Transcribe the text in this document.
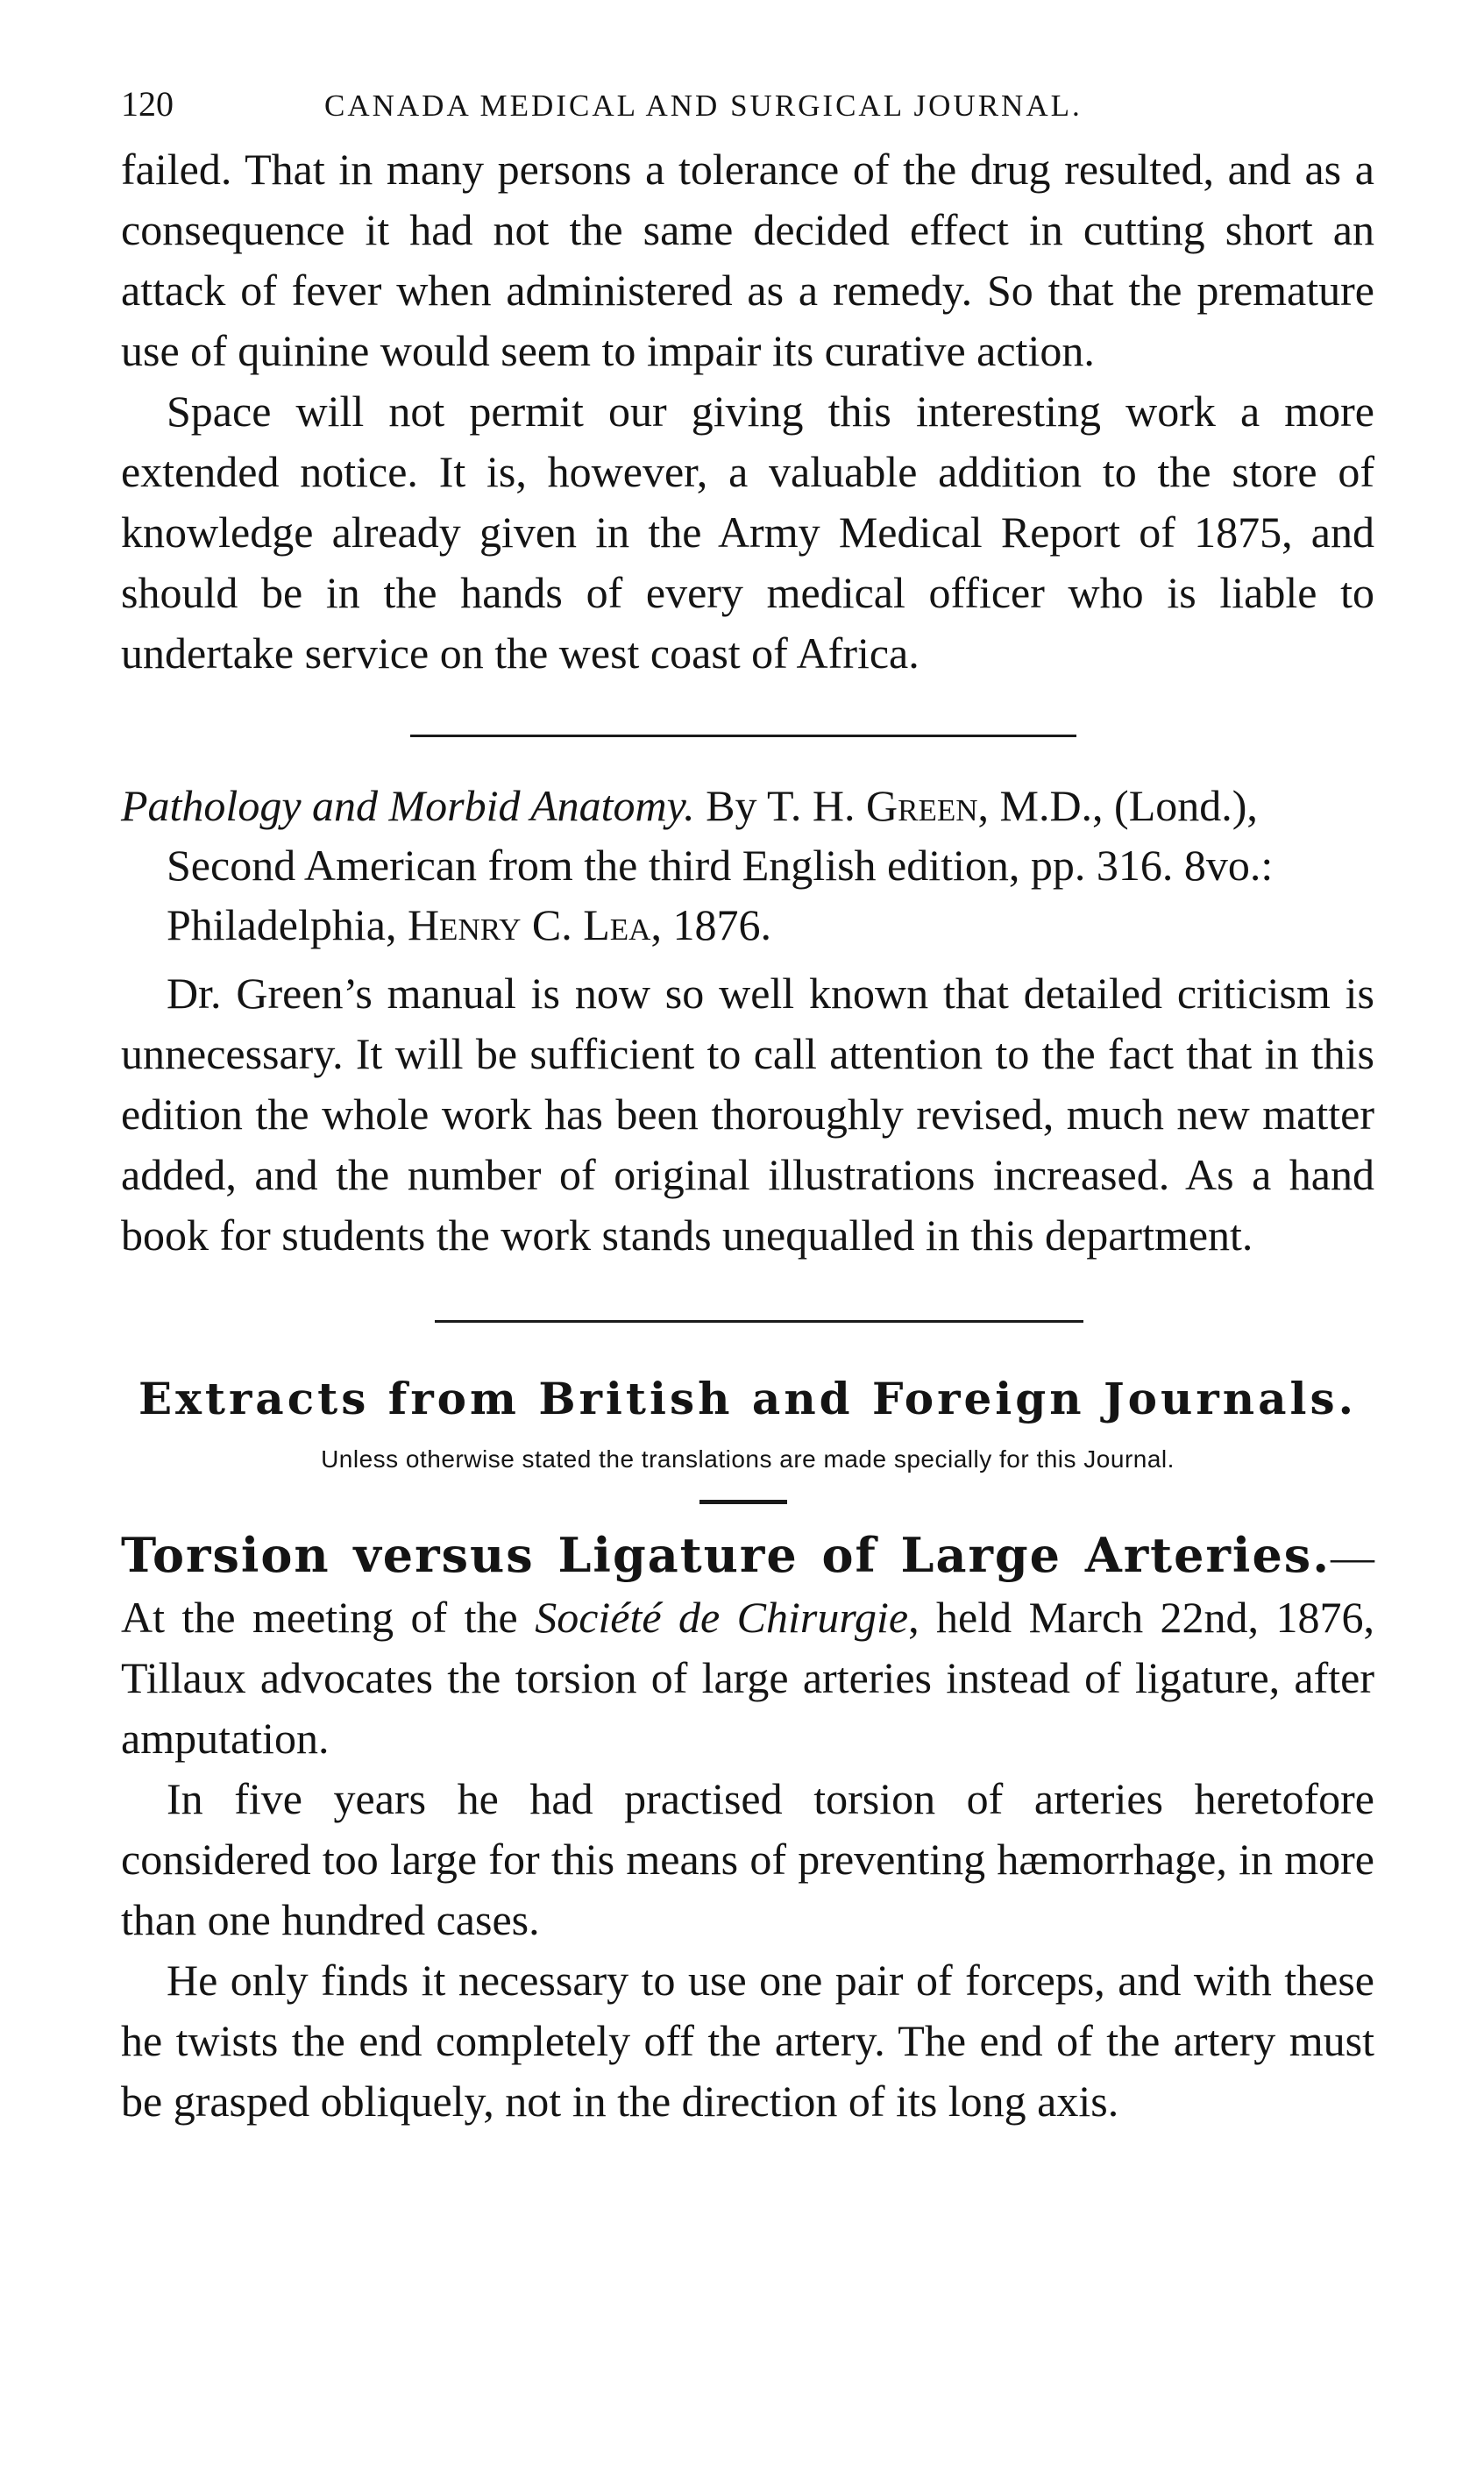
120	CANADA MEDICAL AND SURGICAL JOURNAL.

failed. That in many persons a tolerance of the drug resulted, and as a consequence it had not the same decided effect in cutting short an attack of fever when administered as a remedy. So that the premature use of quinine would seem to impair its curative action.

Space will not permit our giving this interesting work a more extended notice. It is, however, a valuable addition to the store of knowledge already given in the Army Medical Report of 1875, and should be in the hands of every medical officer who is liable to undertake service on the west coast of Africa.

Pathology and Morbid Anatomy. By T. H. Green, M.D., (Lond.), Second American from the third English edition, pp. 316. 8vo.: Philadelphia, Henry C. Lea, 1876.

Dr. Green’s manual is now so well known that detailed criticism is unnecessary. It will be sufficient to call attention to the fact that in this edition the whole work has been thoroughly revised, much new matter added, and the number of original illustrations increased. As a hand book for students the work stands unequalled in this department.

Extracts from British and Foreign Journals.
Unless otherwise stated the translations are made specially for this Journal.

Torsion versus Ligature of Large Arteries.—At the meeting of the Société de Chirurgie, held March 22nd, 1876, Tillaux advocates the torsion of large arteries instead of ligature, after amputation.

In five years he had practised torsion of arteries heretofore considered too large for this means of preventing hæmorrhage, in more than one hundred cases.

He only finds it necessary to use one pair of forceps, and with these he twists the end completely off the artery. The end of the artery must be grasped obliquely, not in the direction of its long axis.
